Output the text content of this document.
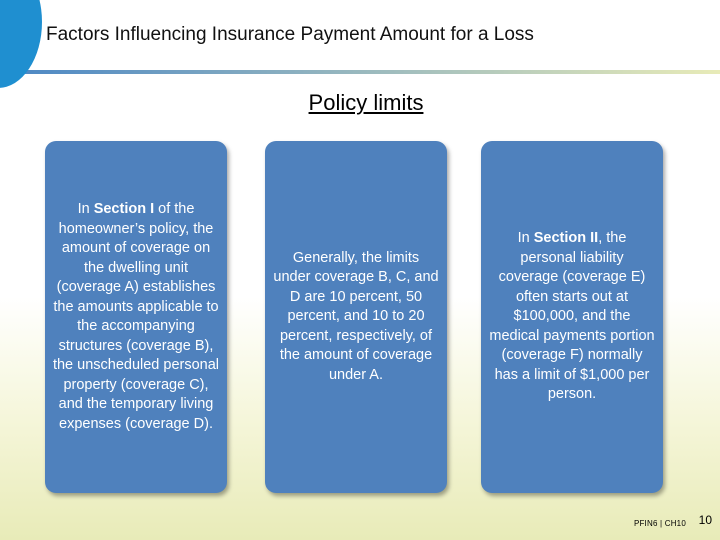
Factors Influencing Insurance Payment Amount for a Loss
Policy limits

In Section I of the homeowner’s policy, the amount of coverage on the dwelling unit (coverage A) establishes the amounts applicable to the accompanying structures (coverage B), the unscheduled personal property (coverage C), and the temporary living expenses (coverage D).

Generally, the limits under coverage B, C, and D are 10 percent, 50 percent, and 10 to 20 percent, respectively, of the amount of coverage under A.

In Section II, the personal liability coverage (coverage E) often starts out at $100,000, and the medical payments portion (coverage F) normally has a limit of $1,000 per person.

PFIN6 | CH10 10
